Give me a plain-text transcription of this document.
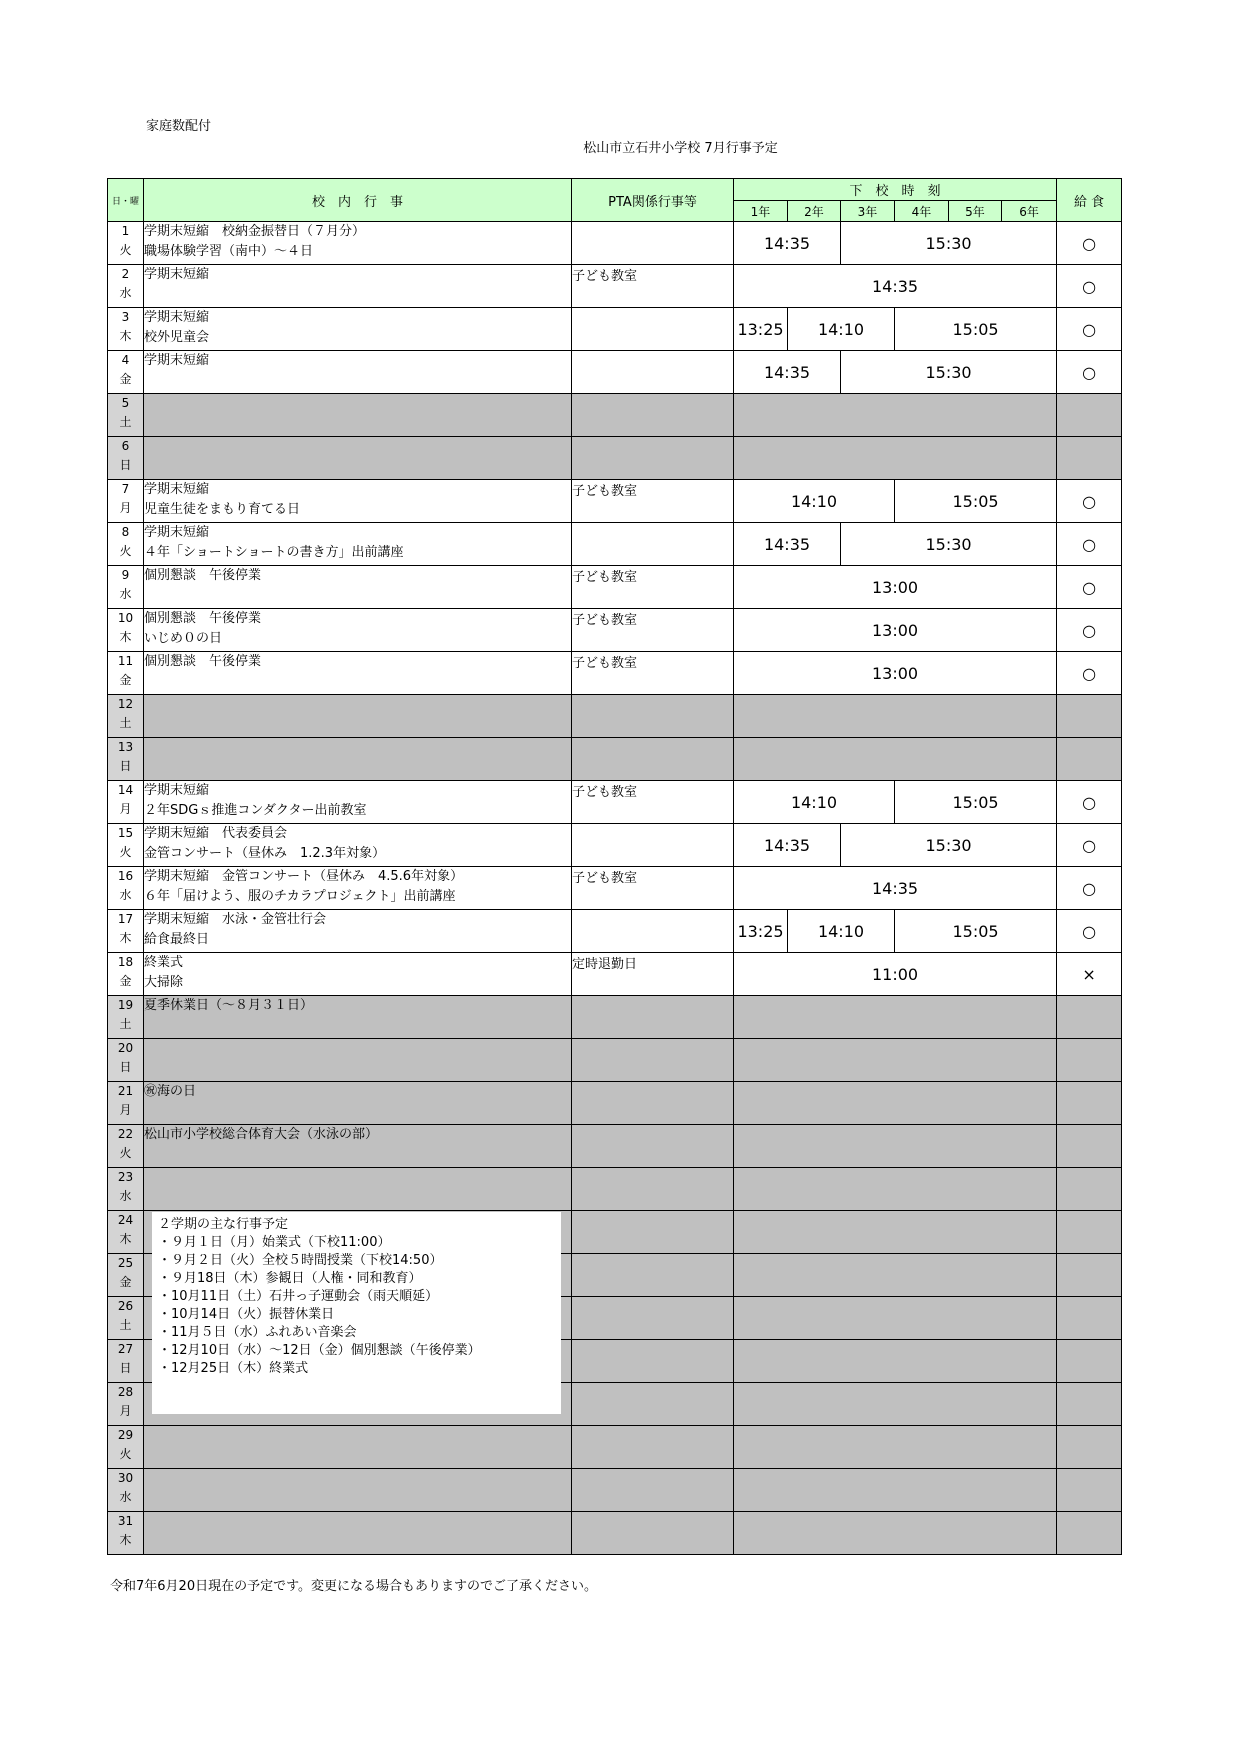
家庭数配付
松山市立石井小学校 7月行事予定
日・曜	校　内　行　事	PTA関係行事等	下　校　時　刻						給 食
			1年	2年	3年	4年	5年	6年	

1
火	学期末短縮　校納金振替日（７月分）
職場体験学習（南中）～４日		14:35		15:30				○

2
水	学期末短縮	子ども教室	14:35						○

3
木	学期末短縮
校外児童会		13:25	14:10		15:05			○

4
金	学期末短縮		14:35		15:30				○

5
土									

6
日									

7
月	学期末短縮
児童生徒をまもり育てる日	子ども教室	14:10			15:05			○

8
火	学期末短縮
４年「ショートショートの書き方」出前講座		14:35		15:30				○

9
水	個別懇談　午後停業	子ども教室	13:00						○

10
木	個別懇談　午後停業
いじめ０の日	子ども教室	13:00						○

11
金	個別懇談　午後停業	子ども教室	13:00						○

12
土									

13
日									

14
月	学期末短縮
２年SDGｓ推進コンダクター出前教室	子ども教室	14:10			15:05			○

15
火	学期末短縮　代表委員会
金管コンサート（昼休み　1.2.3年対象）		14:35		15:30				○

16
水	学期末短縮　金管コンサート（昼休み　4.5.6年対象）
６年「届けよう、服のチカラプロジェクト」出前講座	子ども教室	14:35						○

17
木	学期末短縮　水泳・金管壮行会
給食最終日		13:25	14:10		15:05			○

18
金	終業式
大掃除	定時退勤日	11:00						×

19
土	夏季休業日（～８月３１日）								

20
日									

21
月	㊗海の日								

22
火	松山市小学校総合体育大会（水泳の部）								

23
水									

24
木									

25
金									

26
土									

27
日									

28
月									

29
火									

30
水									

31
木									

２学期の主な行事予定
・９月１日（月）始業式（下校11:00）
・９月２日（火）全校５時間授業（下校14:50）
・９月18日（木）参観日（人権・同和教育）
・10月11日（土）石井っ子運動会（雨天順延）
・10月14日（火）振替休業日
・11月５日（水）ふれあい音楽会
・12月10日（水）～12日（金）個別懇談（午後停業）
・12月25日（木）終業式
令和7年6月20日現在の予定です。変更になる場合もありますのでご了承ください。
